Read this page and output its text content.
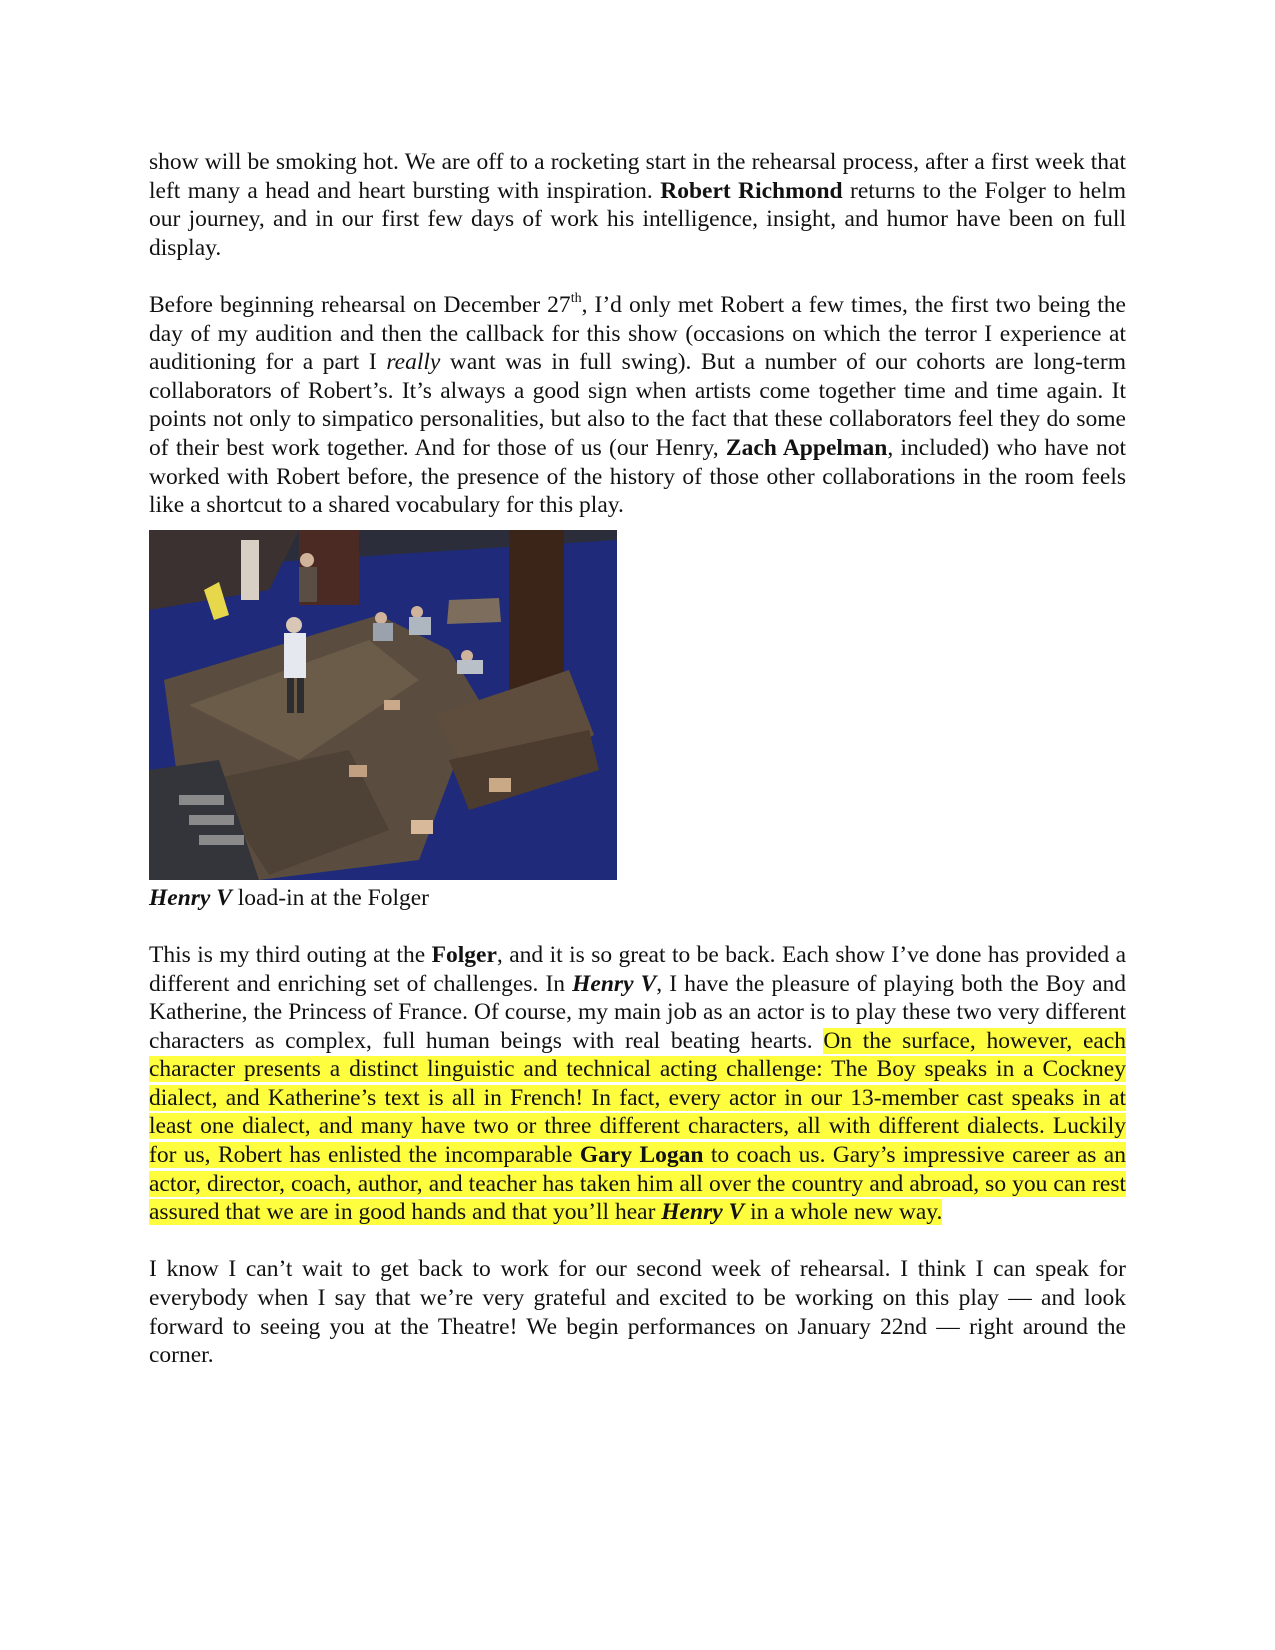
show will be smoking hot. We are off to a rocketing start in the rehearsal process, after a first week that left many a head and heart bursting with inspiration. Robert Richmond returns to the Folger to helm our journey, and in our first few days of work his intelligence, insight, and humor have been on full display.

Before beginning rehearsal on December 27th, I’d only met Robert a few times, the first two being the day of my audition and then the callback for this show (occasions on which the terror I experience at auditioning for a part I really want was in full swing). But a number of our cohorts are long-term collaborators of Robert’s. It’s always a good sign when artists come together time and time again. It points not only to simpatico personalities, but also to the fact that these collaborators feel they do some of their best work together. And for those of us (our Henry, Zach Appelman, included) who have not worked with Robert before, the presence of the history of those other collaborations in the room feels like a shortcut to a shared vocabulary for this play.

Henry V load-in at the Folger

This is my third outing at the Folger, and it is so great to be back. Each show I’ve done has provided a different and enriching set of challenges. In Henry V, I have the pleasure of playing both the Boy and Katherine, the Princess of France. Of course, my main job as an actor is to play these two very different characters as complex, full human beings with real beating hearts. On the surface, however, each character presents a distinct linguistic and technical acting challenge: The Boy speaks in a Cockney dialect, and Katherine’s text is all in French! In fact, every actor in our 13-member cast speaks in at least one dialect, and many have two or three different characters, all with different dialects. Luckily for us, Robert has enlisted the incomparable Gary Logan to coach us. Gary’s impressive career as an actor, director, coach, author, and teacher has taken him all over the country and abroad, so you can rest assured that we are in good hands and that you’ll hear Henry V in a whole new way.

I know I can’t wait to get back to work for our second week of rehearsal. I think I can speak for everybody when I say that we’re very grateful and excited to be working on this play — and look forward to seeing you at the Theatre! We begin performances on January 22nd — right around the corner.
